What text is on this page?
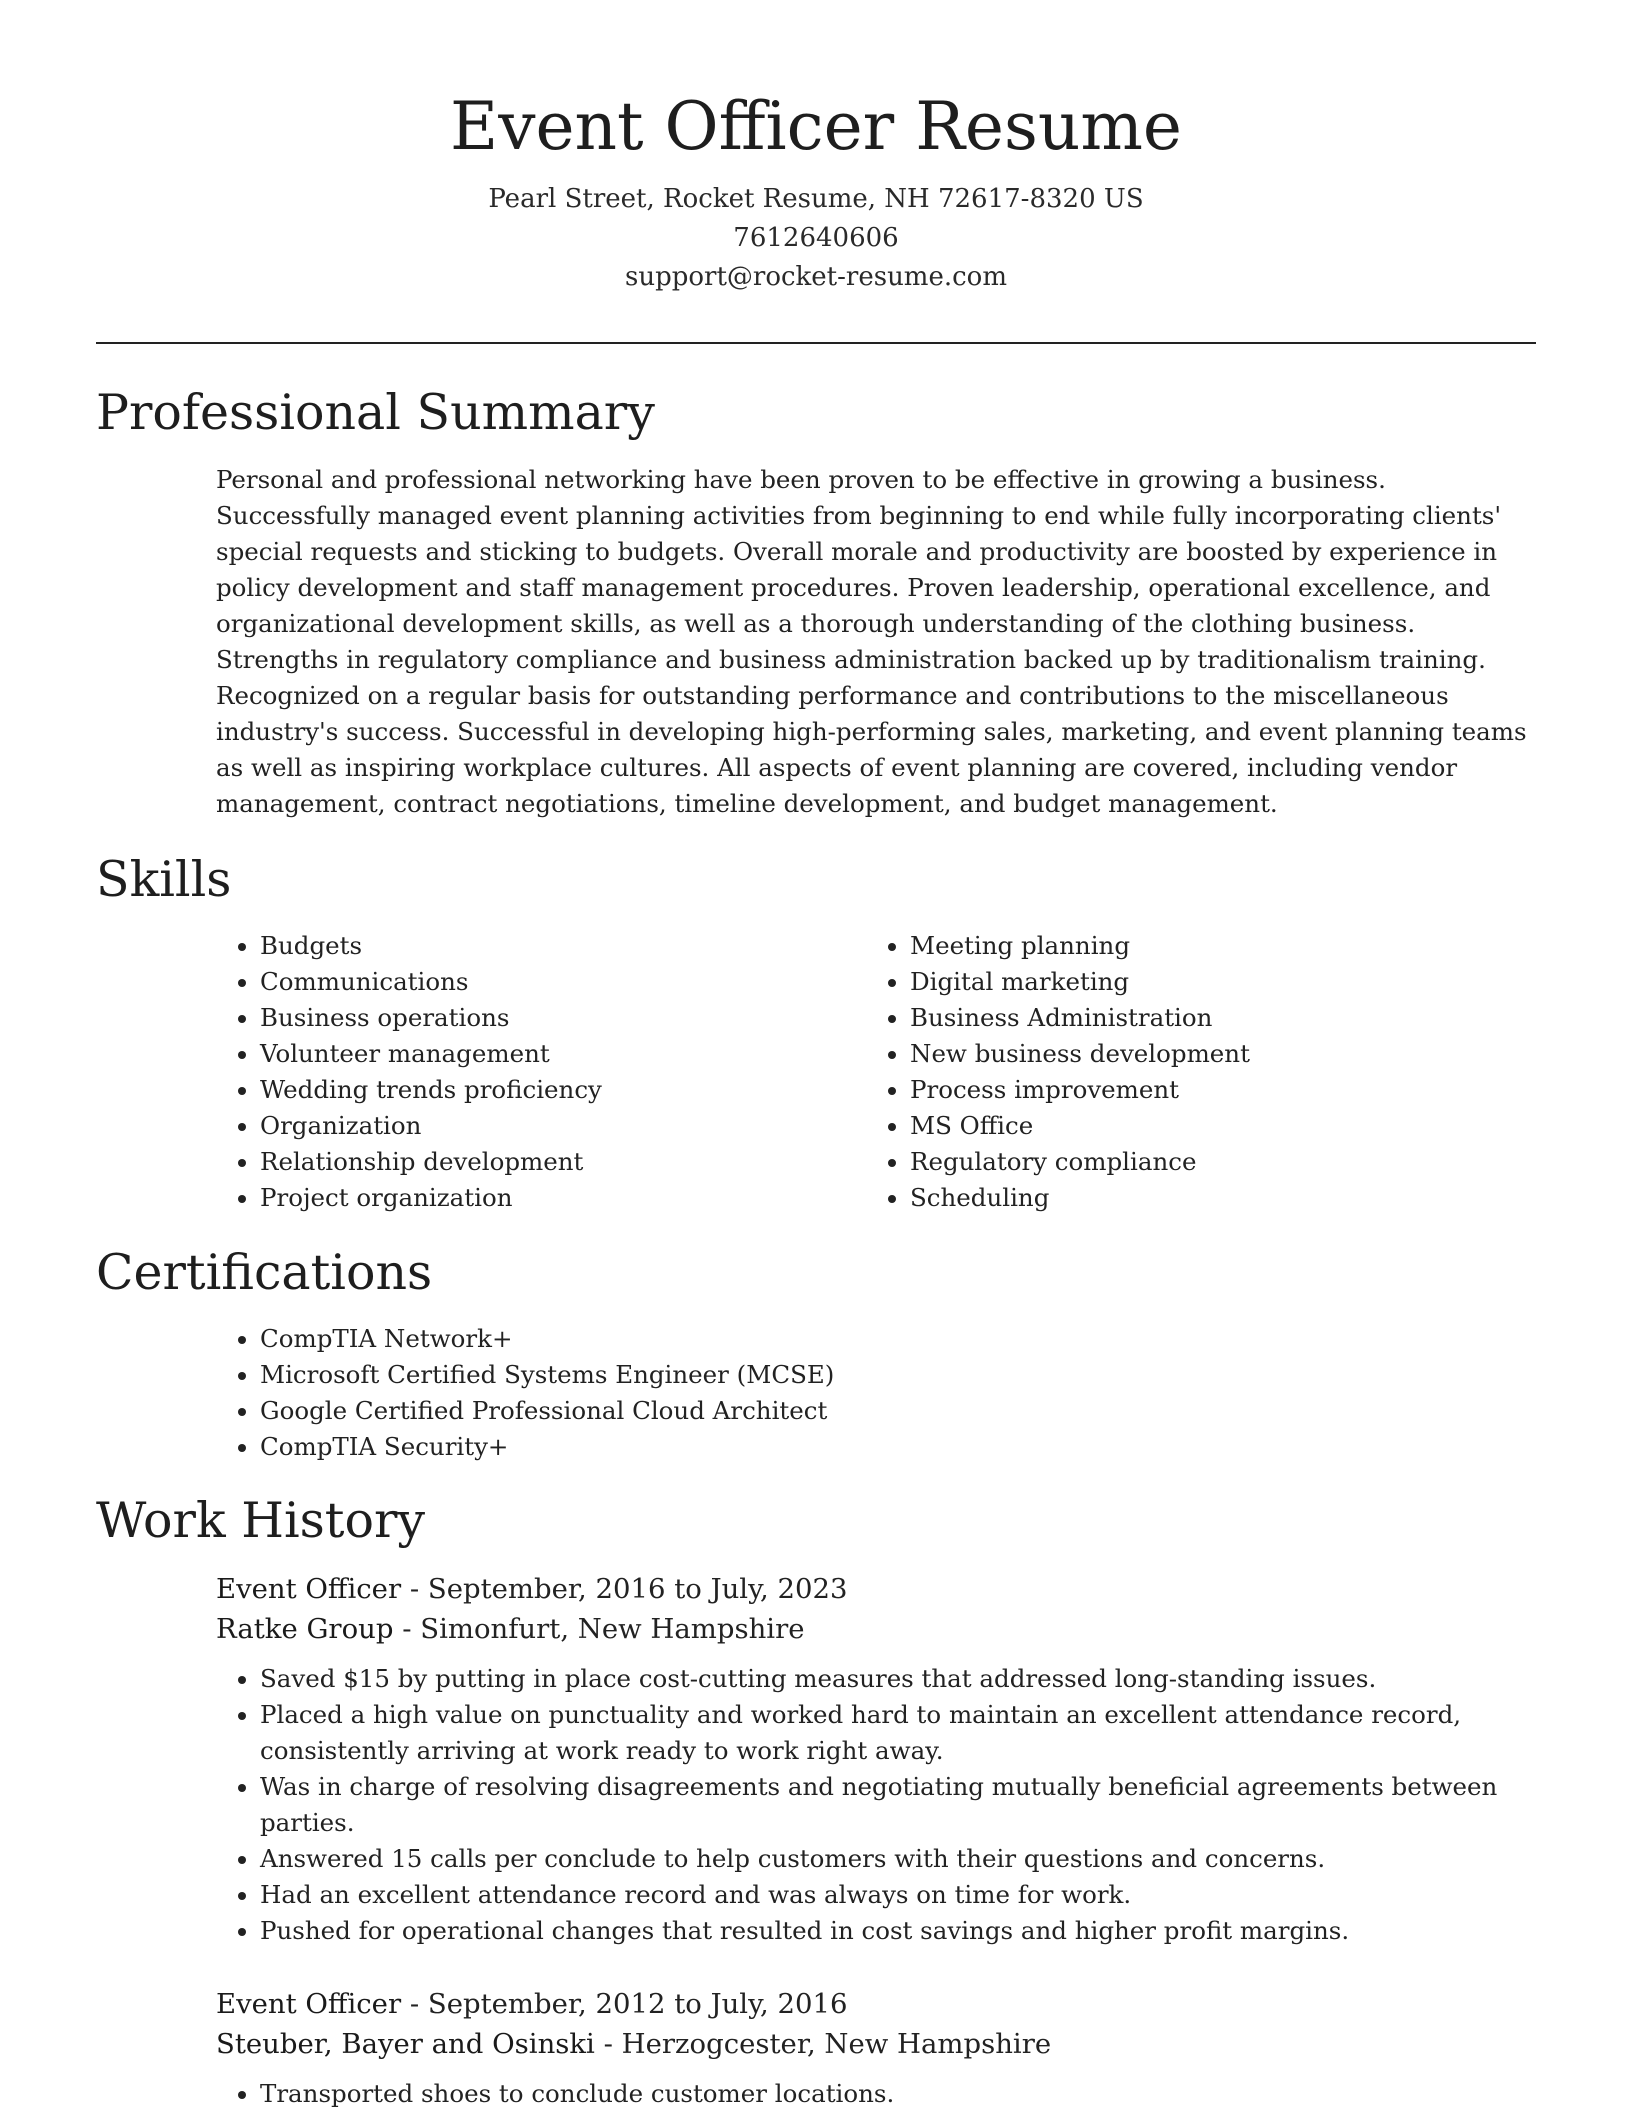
Event Officer Resume
Pearl Street, Rocket Resume, NH 72617-8320 US
7612640606
support@rocket-resume.com
Professional Summary

Personal and professional networking have been proven to be effective in growing a business. Successfully managed event planning activities from beginning to end while fully incorporating clients' special requests and sticking to budgets. Overall morale and productivity are boosted by experience in policy development and staff management procedures. Proven leadership, operational excellence, and organizational development skills, as well as a thorough understanding of the clothing business. Strengths in regulatory compliance and business administration backed up by traditionalism training. Recognized on a regular basis for outstanding performance and contributions to the miscellaneous industry's success. Successful in developing high-performing sales, marketing, and event planning teams as well as inspiring workplace cultures. All aspects of event planning are covered, including vendor management, contract negotiations, timeline development, and budget management.

Skills
• Budgets
• Communications
• Business operations
• Volunteer management
• Wedding trends proficiency
• Organization
• Relationship development
• Project organization
• Meeting planning
• Digital marketing
• Business Administration
• New business development
• Process improvement
• MS Office
• Regulatory compliance
• Scheduling
Certifications
• CompTIA Network+
• Microsoft Certified Systems Engineer (MCSE)
• Google Certified Professional Cloud Architect
• CompTIA Security+
Work History

Event Officer - September, 2016 to July, 2023

Ratke Group - Simonfurt, New Hampshire

• Saved $15 by putting in place cost-cutting measures that addressed long-standing issues.
• Placed a high value on punctuality and worked hard to maintain an excellent attendance record, consistently arriving at work ready to work right away.
• Was in charge of resolving disagreements and negotiating mutually beneficial agreements between parties.
• Answered 15 calls per conclude to help customers with their questions and concerns.
• Had an excellent attendance record and was always on time for work.
• Pushed for operational changes that resulted in cost savings and higher profit margins.

Event Officer - September, 2012 to July, 2016

Steuber, Bayer and Osinski - Herzogcester, New Hampshire

• Transported shoes to conclude customer locations.
